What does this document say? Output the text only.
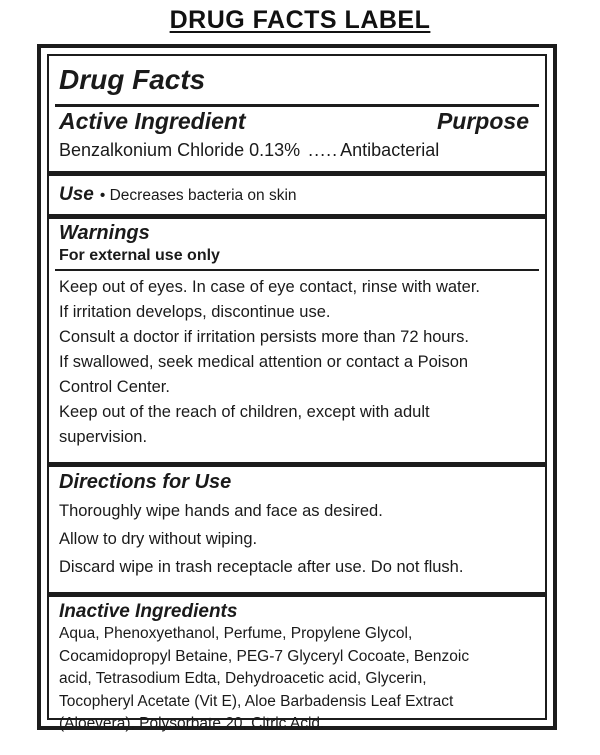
DRUG FACTS LABEL
Drug Facts
Active Ingredient	Purpose
Benzalkonium Chloride 0.13% ..... Antibacterial
Use • Decreases bacteria on skin
Warnings
For external use only
Keep out of eyes. In case of eye contact, rinse with water.
If irritation develops, discontinue use.
Consult a doctor if irritation persists more than 72 hours.
If swallowed, seek medical attention or contact a Poison
Control Center.
Keep out of the reach of children, except with adult
supervision.
Directions for Use
Thoroughly wipe hands and face as desired.
Allow to dry without wiping.
Discard wipe in trash receptacle after use. Do not flush.
Inactive Ingredients
Aqua, Phenoxyethanol, Perfume, Propylene Glycol,
Cocamidopropyl Betaine, PEG-7 Glyceryl Cocoate, Benzoic
acid, Tetrasodium Edta, Dehydroacetic acid, Glycerin,
Tocopheryl Acetate (Vit E), Aloe Barbadensis Leaf Extract
(Aloevera), Polysorbate 20, Citric Acid.
